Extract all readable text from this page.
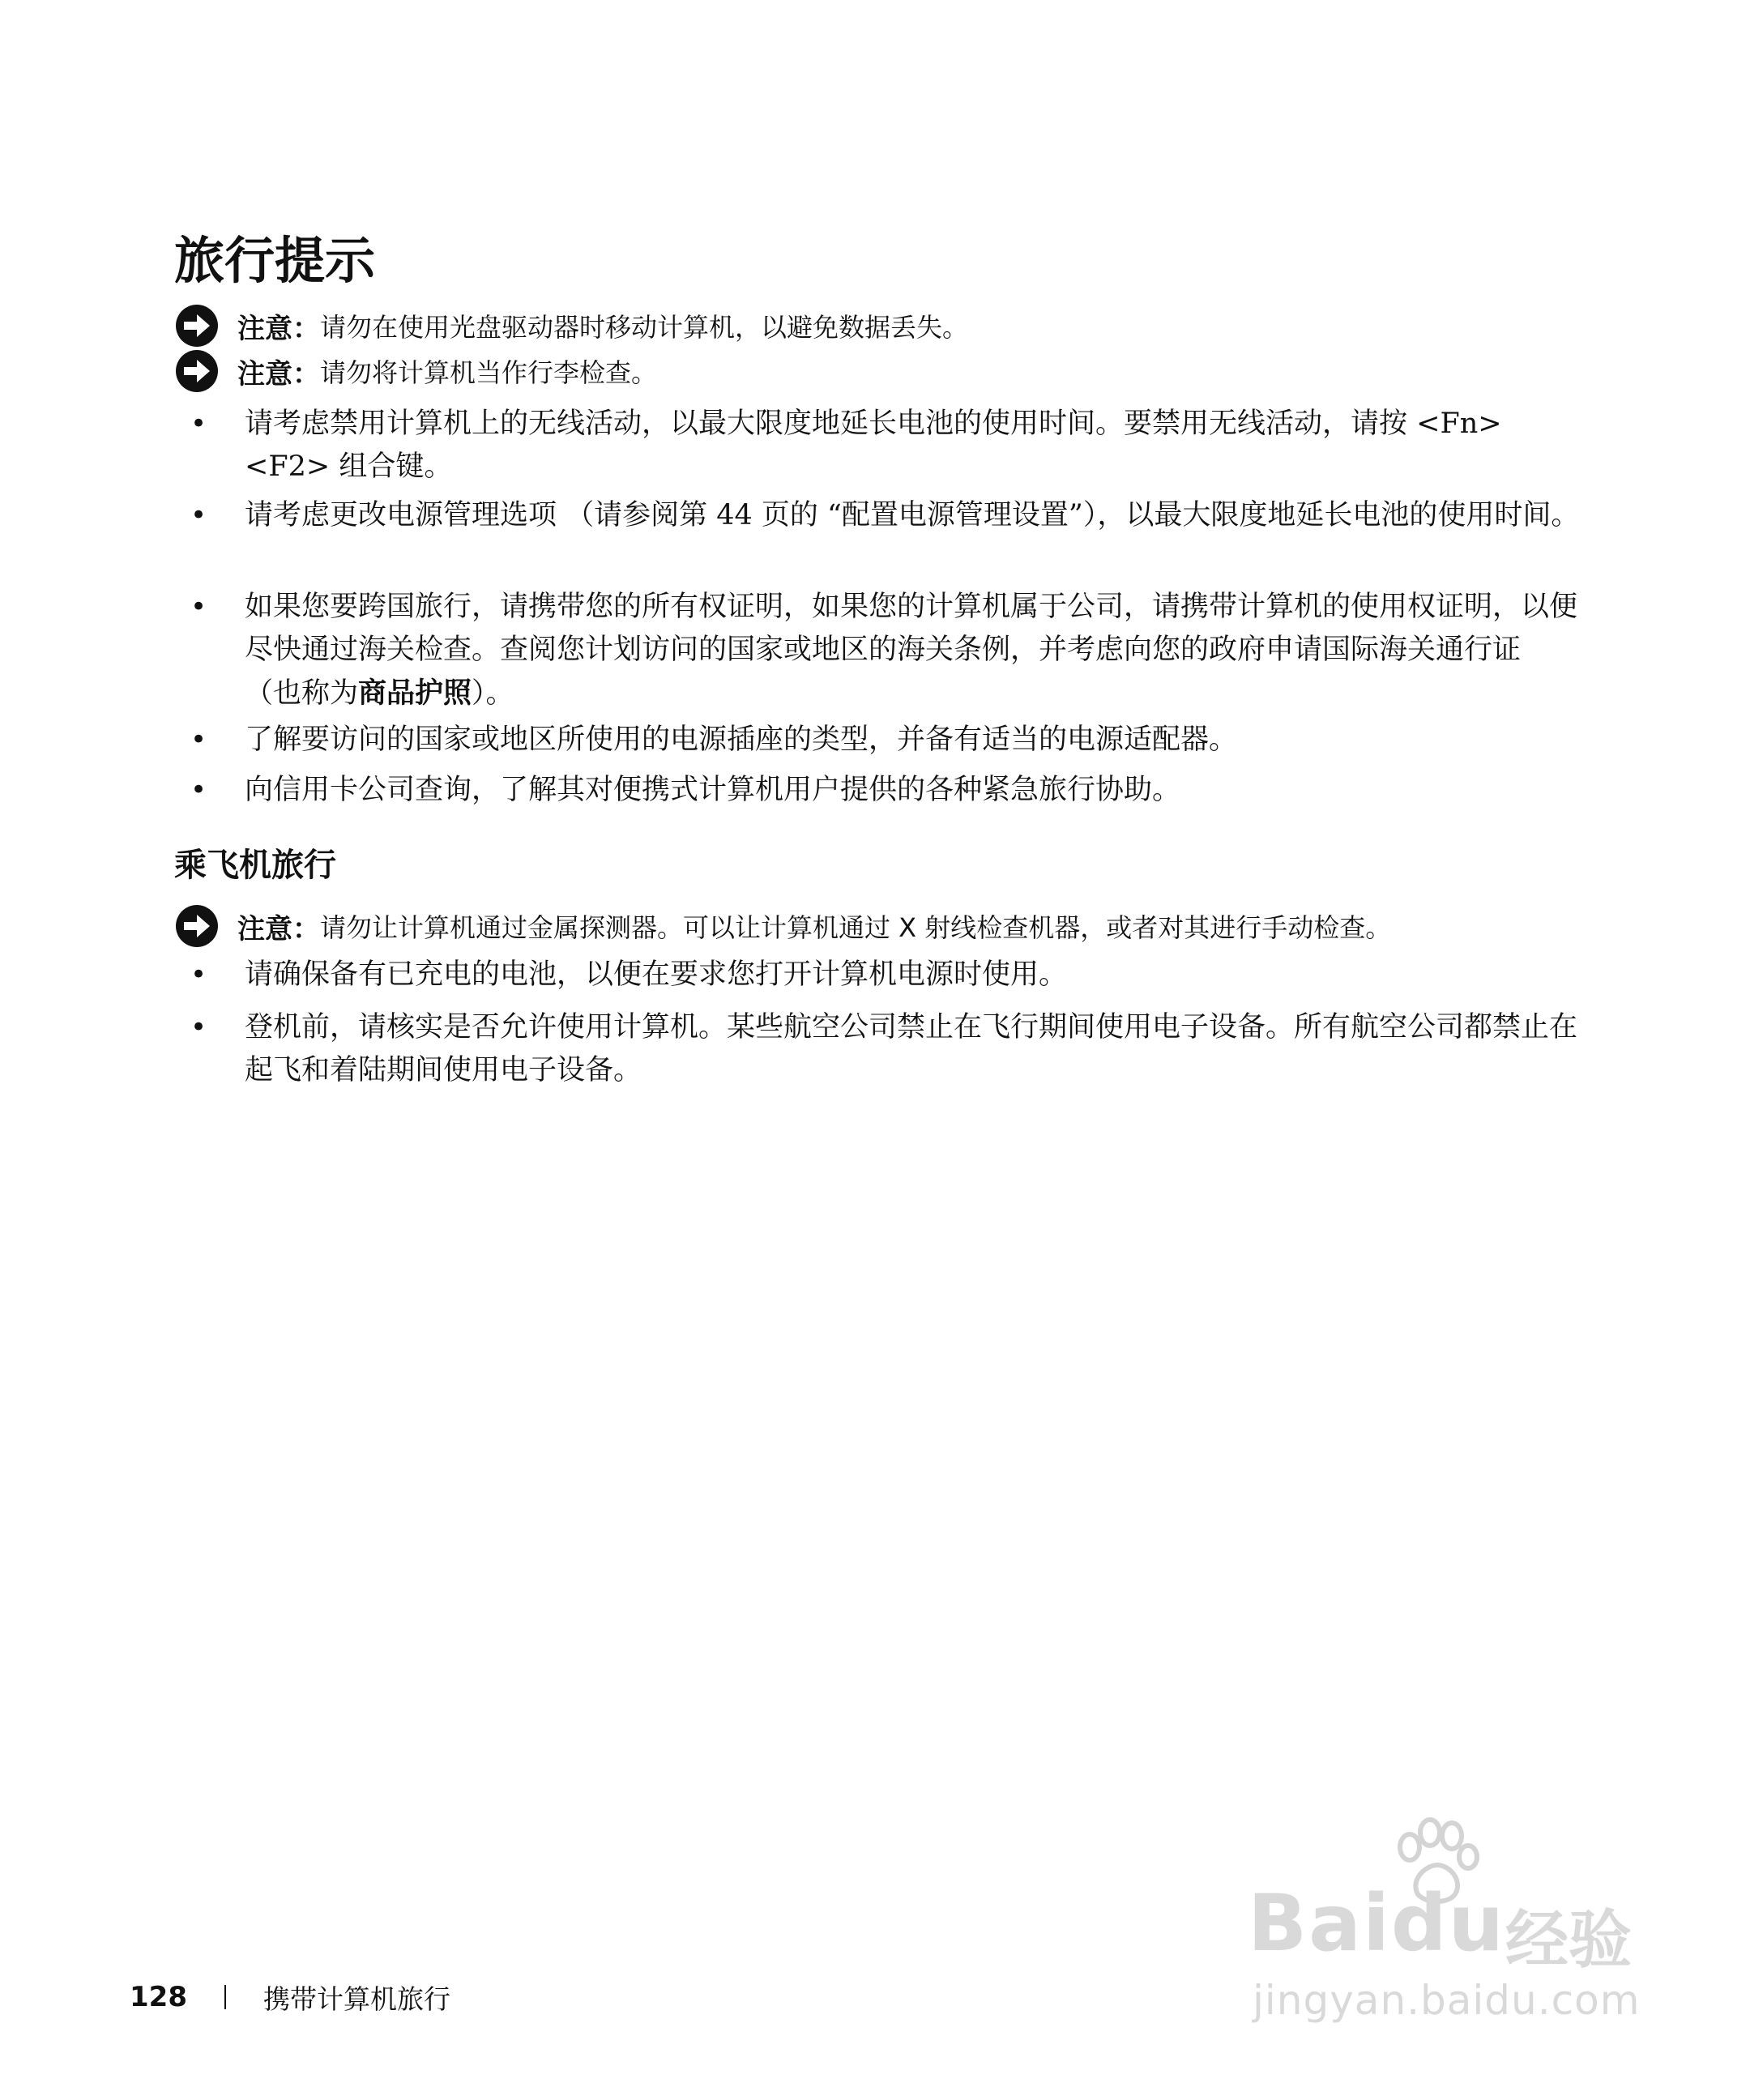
旅行提示
注意： 请勿在使用光盘驱动器时移动计算机，以避免数据丢失。
注意： 请勿将计算机当作行李检查。
• 请考虑禁用计算机上的无线活动，以最大限度地延长电池的使用时间。要禁用无线活动，请按 <Fn><F2> 组合键。
• 请考虑更改电源管理选项 （请参阅第 44 页的 “配置电源管理设置”），以最大限度地延长电池的使用时间。
• 如果您要跨国旅行，请携带您的所有权证明，如果您的计算机属于公司，请携带计算机的使用权证明，以便尽快通过海关检查。查阅您计划访问的国家或地区的海关条例，并考虑向您的政府申请国际海关通行证 （也称为商品护照）。
• 了解要访问的国家或地区所使用的电源插座的类型，并备有适当的电源适配器。
• 向信用卡公司查询，了解其对便携式计算机用户提供的各种紧急旅行协助。
乘飞机旅行
注意： 请勿让计算机通过金属探测器。可以让计算机通过 X 射线检查机器，或者对其进行手动检查。
• 请确保备有已充电的电池，以便在要求您打开计算机电源时使用。
• 登机前，请核实是否允许使用计算机。某些航空公司禁止在飞行期间使用电子设备。所有航空公司都禁止在起飞和着陆期间使用电子设备。
128	携带计算机旅行
Baidu 经验
jingyan.baidu.com
